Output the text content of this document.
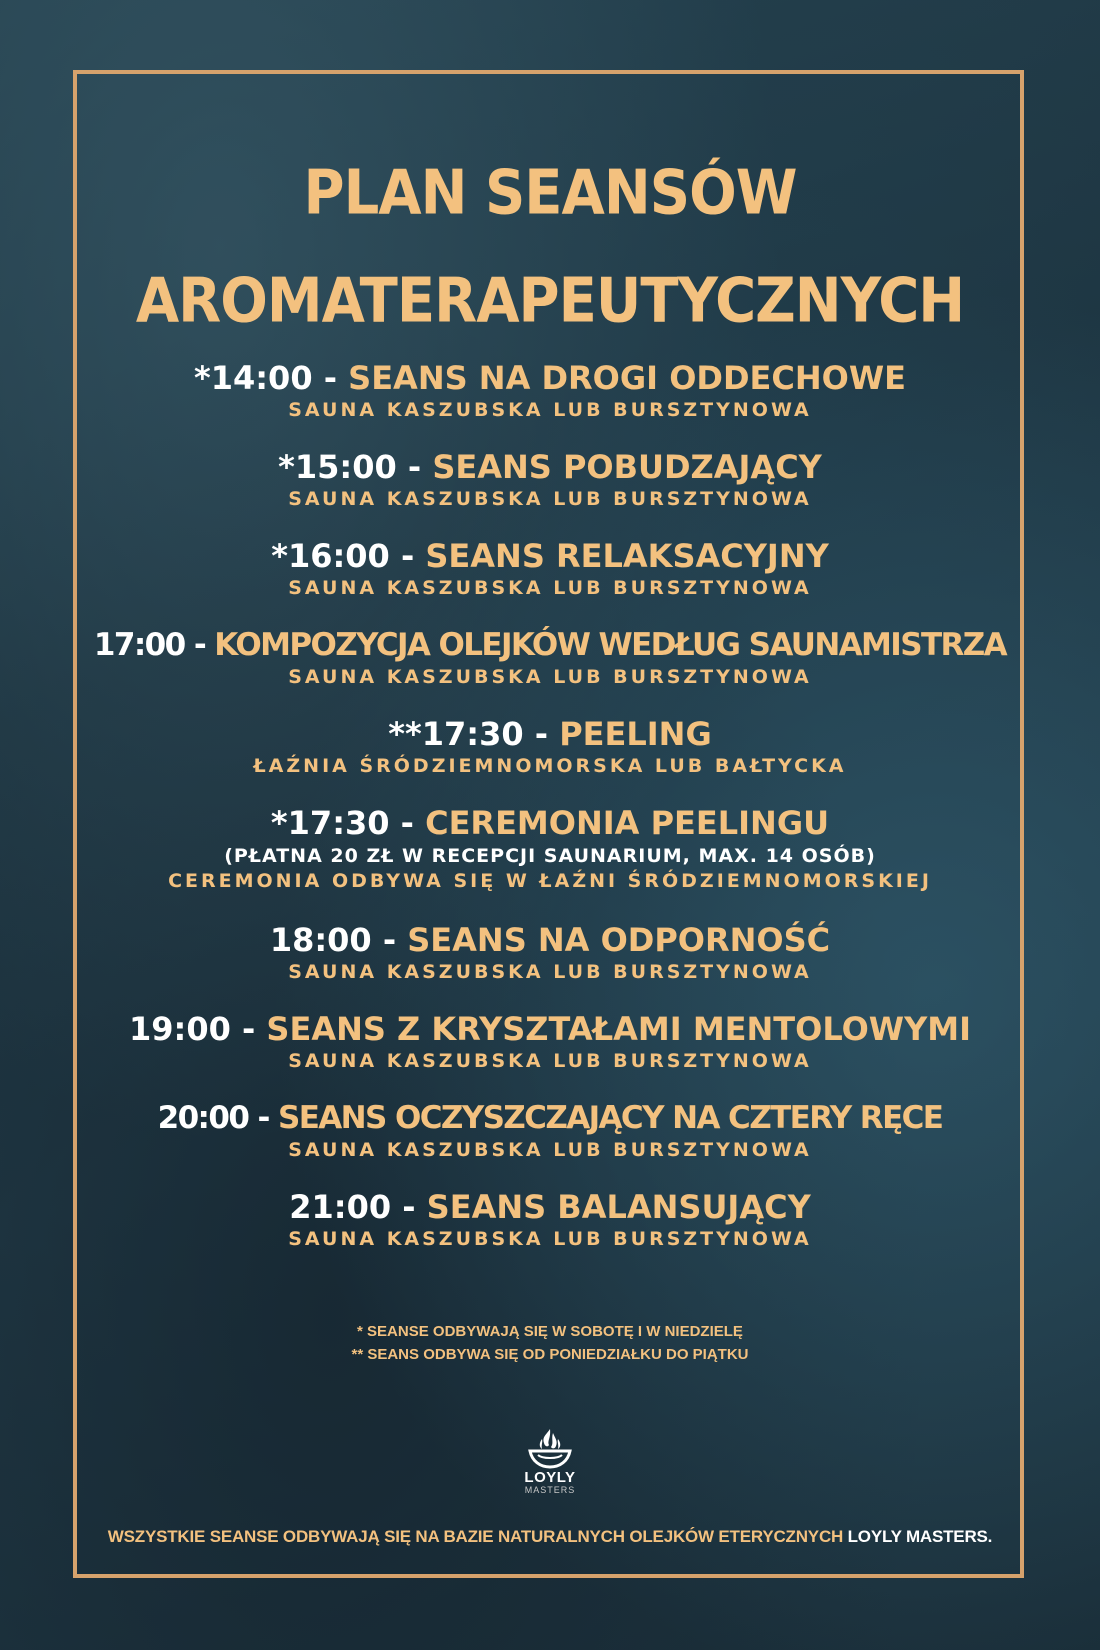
PLAN SEANSÓW
AROMATERAPEUTYCZNYCH
*14:00 - SEANS NA DROGI ODDECHOWE
SAUNA KASZUBSKA LUB BURSZTYNOWA
*15:00 - SEANS POBUDZAJĄCY
SAUNA KASZUBSKA LUB BURSZTYNOWA
*16:00 - SEANS RELAKSACYJNY
SAUNA KASZUBSKA LUB BURSZTYNOWA
17:00 - KOMPOZYCJA OLEJKÓW WEDŁUG SAUNAMISTRZA
SAUNA KASZUBSKA LUB BURSZTYNOWA
**17:30 - PEELING
ŁAŹNIA ŚRÓDZIEMNOMORSKA LUB BAŁTYCKA
*17:30 - CEREMONIA PEELINGU
(PŁATNA 20 ZŁ W RECEPCJI SAUNARIUM, MAX. 14 OSÓB)
CEREMONIA ODBYWA SIĘ W ŁAŹNI ŚRÓDZIEMNOMORSKIEJ
18:00 - SEANS NA ODPORNOŚĆ
SAUNA KASZUBSKA LUB BURSZTYNOWA
19:00 - SEANS Z KRYSZTAŁAMI MENTOLOWYMI
SAUNA KASZUBSKA LUB BURSZTYNOWA
20:00 - SEANS OCZYSZCZAJĄCY NA CZTERY RĘCE
SAUNA KASZUBSKA LUB BURSZTYNOWA
21:00 - SEANS BALANSUJĄCY
SAUNA KASZUBSKA LUB BURSZTYNOWA
* SEANSE ODBYWAJĄ SIĘ W SOBOTĘ I W NIEDZIELĘ
** SEANS ODBYWA SIĘ OD PONIEDZIAŁKU DO PIĄTKU
LOYLY
MASTERS
WSZYSTKIE SEANSE ODBYWAJĄ SIĘ NA BAZIE NATURALNYCH OLEJKÓW ETERYCZNYCH LOYLY MASTERS.
